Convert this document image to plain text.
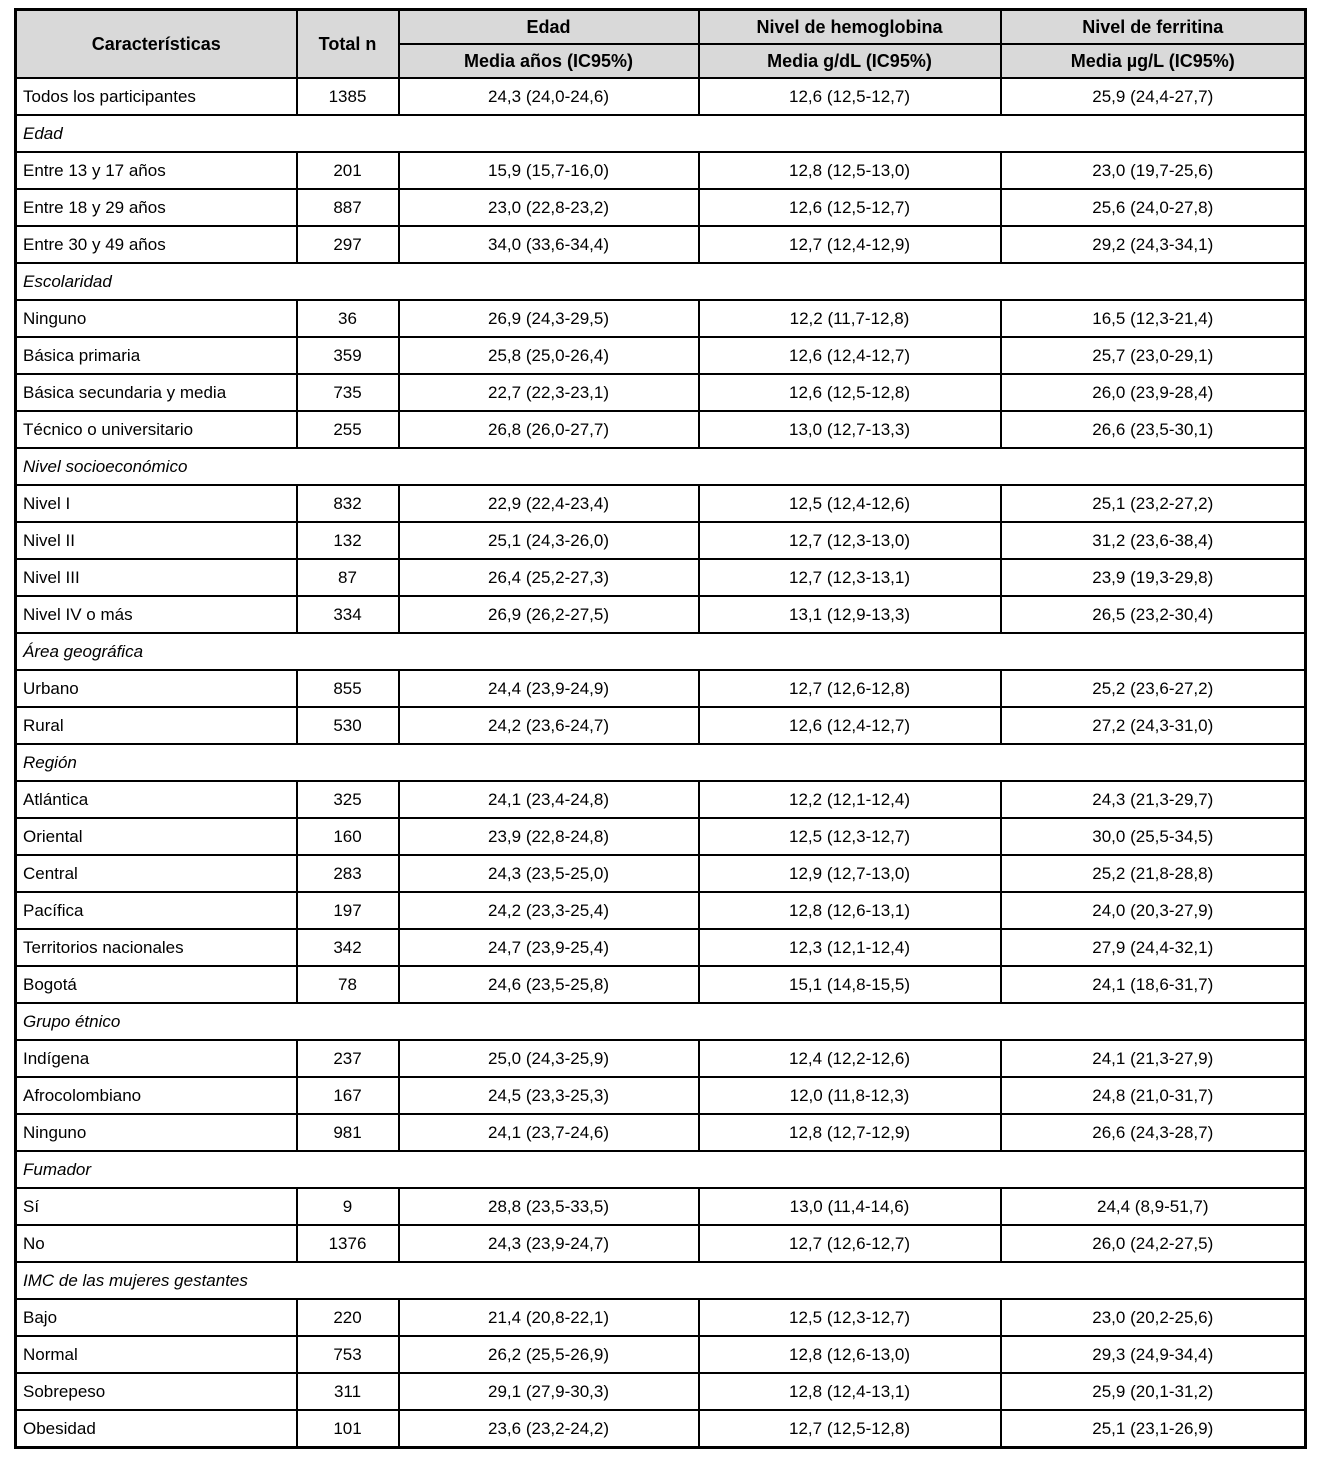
Características	Total n	Edad	Nivel de hemoglobina	Nivel de ferritina
		Media años (IC95%)	Media g/dL (IC95%)	Media µg/L (IC95%)
Todos los participantes	1385	24,3 (24,0-24,6)	12,6 (12,5-12,7)	25,9 (24,4-27,7)
Edad				
Entre 13 y 17 años	201	15,9 (15,7-16,0)	12,8 (12,5-13,0)	23,0 (19,7-25,6)
Entre 18 y 29 años	887	23,0 (22,8-23,2)	12,6 (12,5-12,7)	25,6 (24,0-27,8)
Entre 30 y 49 años	297	34,0 (33,6-34,4)	12,7 (12,4-12,9)	29,2 (24,3-34,1)
Escolaridad				
Ninguno	36	26,9 (24,3-29,5)	12,2 (11,7-12,8)	16,5 (12,3-21,4)
Básica primaria	359	25,8 (25,0-26,4)	12,6 (12,4-12,7)	25,7 (23,0-29,1)
Básica secundaria y media	735	22,7 (22,3-23,1)	12,6 (12,5-12,8)	26,0 (23,9-28,4)
Técnico o universitario	255	26,8 (26,0-27,7)	13,0 (12,7-13,3)	26,6 (23,5-30,1)
Nivel socioeconómico				
Nivel I	832	22,9 (22,4-23,4)	12,5 (12,4-12,6)	25,1 (23,2-27,2)
Nivel II	132	25,1 (24,3-26,0)	12,7 (12,3-13,0)	31,2 (23,6-38,4)
Nivel III	87	26,4 (25,2-27,3)	12,7 (12,3-13,1)	23,9 (19,3-29,8)
Nivel IV o más	334	26,9 (26,2-27,5)	13,1 (12,9-13,3)	26,5 (23,2-30,4)
Área geográfica				
Urbano	855	24,4 (23,9-24,9)	12,7 (12,6-12,8)	25,2 (23,6-27,2)
Rural	530	24,2 (23,6-24,7)	12,6 (12,4-12,7)	27,2 (24,3-31,0)
Región				
Atlántica	325	24,1 (23,4-24,8)	12,2 (12,1-12,4)	24,3 (21,3-29,7)
Oriental	160	23,9 (22,8-24,8)	12,5 (12,3-12,7)	30,0 (25,5-34,5)
Central	283	24,3 (23,5-25,0)	12,9 (12,7-13,0)	25,2 (21,8-28,8)
Pacífica	197	24,2 (23,3-25,4)	12,8 (12,6-13,1)	24,0 (20,3-27,9)
Territorios nacionales	342	24,7 (23,9-25,4)	12,3 (12,1-12,4)	27,9 (24,4-32,1)
Bogotá	78	24,6 (23,5-25,8)	15,1 (14,8-15,5)	24,1 (18,6-31,7)
Grupo étnico				
Indígena	237	25,0 (24,3-25,9)	12,4 (12,2-12,6)	24,1 (21,3-27,9)
Afrocolombiano	167	24,5 (23,3-25,3)	12,0 (11,8-12,3)	24,8 (21,0-31,7)
Ninguno	981	24,1 (23,7-24,6)	12,8 (12,7-12,9)	26,6 (24,3-28,7)
Fumador				
Sí	9	28,8 (23,5-33,5)	13,0 (11,4-14,6)	24,4 (8,9-51,7)
No	1376	24,3 (23,9-24,7)	12,7 (12,6-12,7)	26,0 (24,2-27,5)
IMC de las mujeres gestantes				
Bajo	220	21,4 (20,8-22,1)	12,5 (12,3-12,7)	23,0 (20,2-25,6)
Normal	753	26,2 (25,5-26,9)	12,8 (12,6-13,0)	29,3 (24,9-34,4)
Sobrepeso	311	29,1 (27,9-30,3)	12,8 (12,4-13,1)	25,9 (20,1-31,2)
Obesidad	101	23,6 (23,2-24,2)	12,7 (12,5-12,8)	25,1 (23,1-26,9)
